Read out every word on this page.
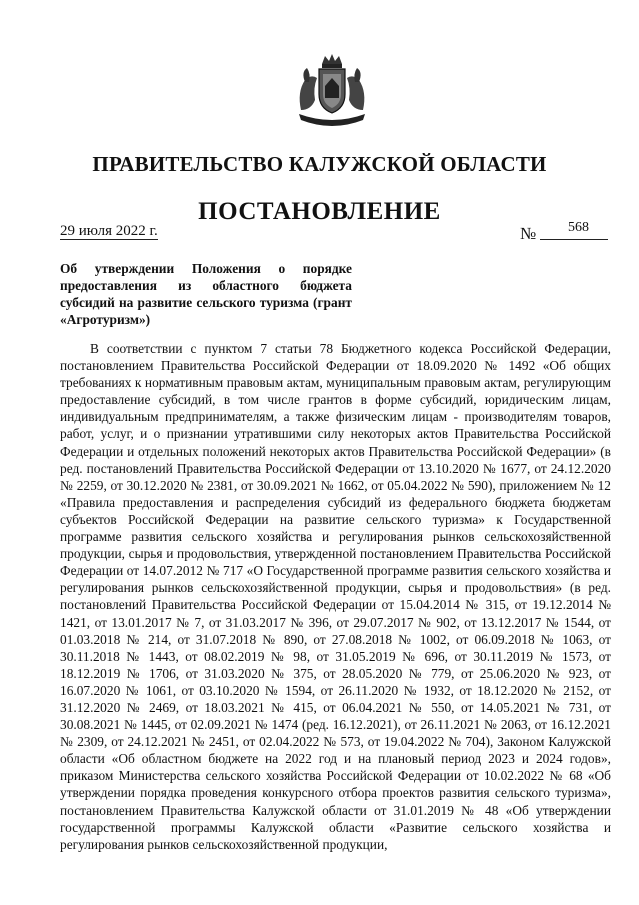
ПРАВИТЕЛЬСТВО КАЛУЖСКОЙ ОБЛАСТИ
ПОСТАНОВЛЕНИЕ
29 июля 2022 г.	№ 568
Об утверждении Положения о порядке предоставления из областного бюджета субсидий на развитие сельского туризма (грант «Агротуризм»)
В соответствии с пунктом 7 статьи 78 Бюджетного кодекса Российской Федерации, постановлением Правительства Российской Федерации от 18.09.2020 № 1492 «Об общих требованиях к нормативным правовым актам, муниципальным правовым актам, регулирующим предоставление субсидий, в том числе грантов в форме субсидий, юридическим лицам, индивидуальным предпринимателям, а также физическим лицам - производителям товаров, работ, услуг, и о признании утратившими силу некоторых актов Правительства Российской Федерации и отдельных положений некоторых актов Правительства Российской Федерации» (в ред. постановлений Правительства Российской Федерации от 13.10.2020 № 1677, от 24.12.2020 № 2259, от 30.12.2020 № 2381, от 30.09.2021 № 1662, от 05.04.2022 № 590), приложением № 12 «Правила предоставления и распределения субсидий из федерального бюджета бюджетам субъектов Российской Федерации на развитие сельского туризма» к Государственной программе развития сельского хозяйства и регулирования рынков сельскохозяйственной продукции, сырья и продовольствия, утвержденной постановлением Правительства Российской Федерации от 14.07.2012 № 717 «О Государственной программе развития сельского хозяйства и регулирования рынков сельскохозяйственной продукции, сырья и продовольствия» (в ред. постановлений Правительства Российской Федерации от 15.04.2014 № 315, от 19.12.2014 № 1421, от 13.01.2017 № 7, от 31.03.2017 № 396, от 29.07.2017 № 902, от 13.12.2017 № 1544, от 01.03.2018 № 214, от 31.07.2018 № 890, от 27.08.2018 № 1002, от 06.09.2018 № 1063, от 30.11.2018 № 1443, от 08.02.2019 № 98, от 31.05.2019 № 696, от 30.11.2019 № 1573, от 18.12.2019 № 1706, от 31.03.2020 № 375, от 28.05.2020 № 779, от 25.06.2020 № 923, от 16.07.2020 № 1061, от 03.10.2020 № 1594, от 26.11.2020 № 1932, от 18.12.2020 № 2152, от 31.12.2020 № 2469, от 18.03.2021 № 415, от 06.04.2021 № 550, от 14.05.2021 № 731, от 30.08.2021 № 1445, от 02.09.2021 № 1474 (ред. 16.12.2021), от 26.11.2021 № 2063, от 16.12.2021 № 2309, от 24.12.2021 № 2451, от 02.04.2022 № 573, от 19.04.2022 № 704), Законом Калужской области «Об областном бюджете на 2022 год и на плановый период 2023 и 2024 годов», приказом Министерства сельского хозяйства Российской Федерации от 10.02.2022 № 68 «Об утверждении порядка проведения конкурсного отбора проектов развития сельского туризма», постановлением Правительства Калужской области от 31.01.2019 № 48 «Об утверждении государственной программы Калужской области «Развитие сельского хозяйства и регулирования рынков сельскохозяйственной продукции,
